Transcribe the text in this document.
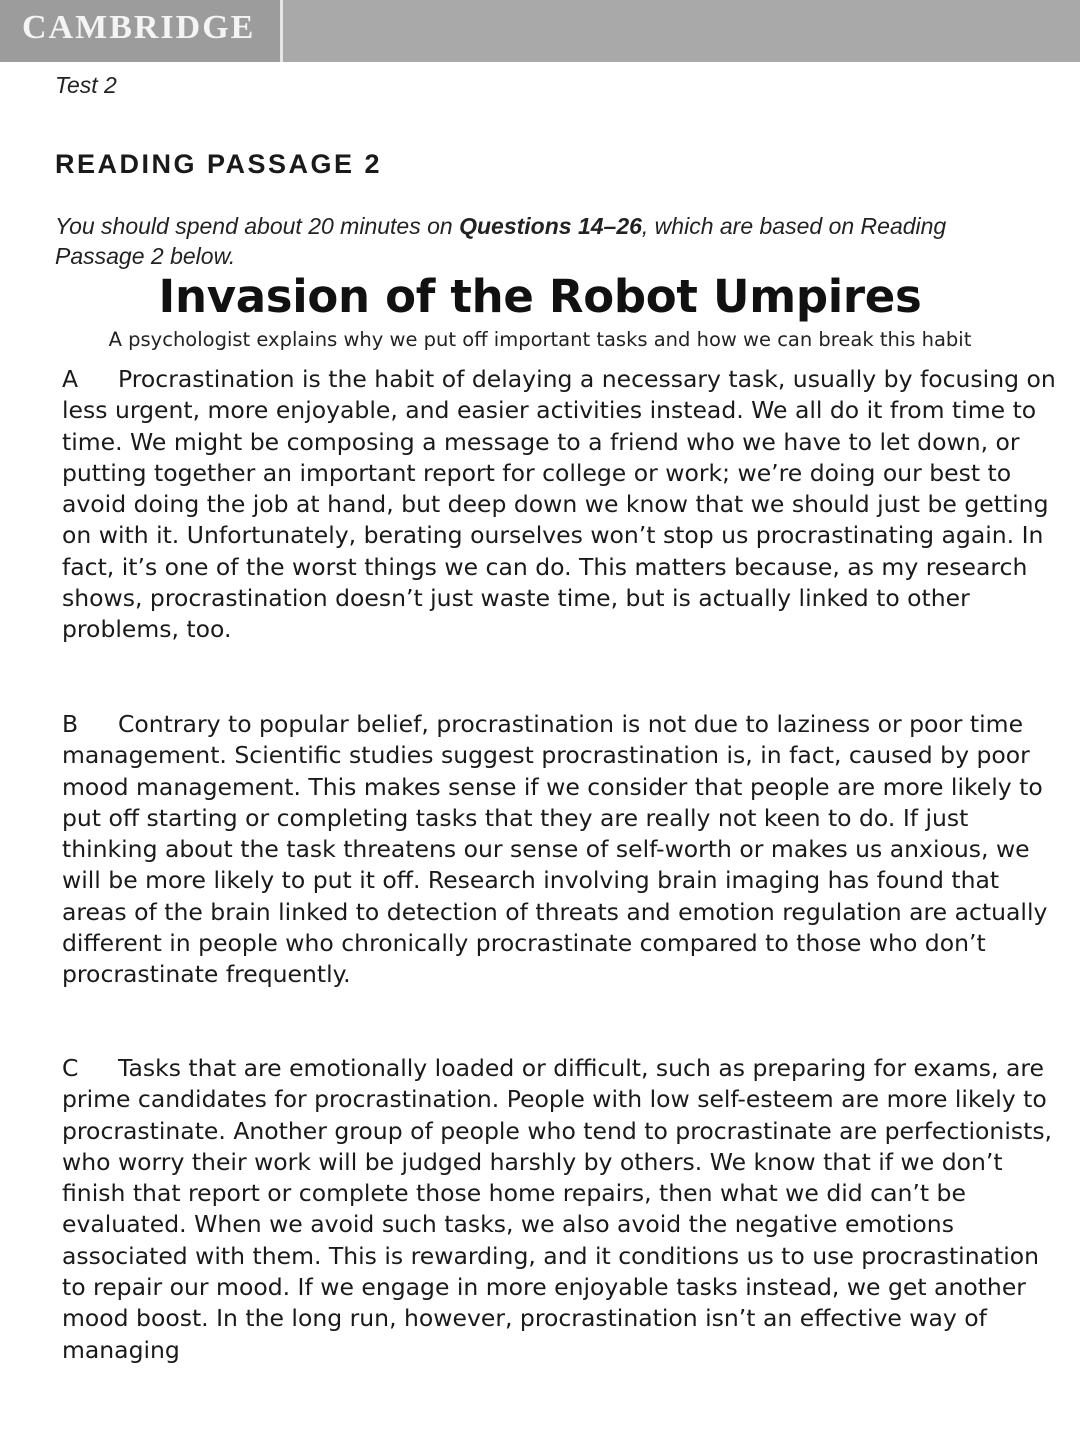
CAMBRIDGE
Test 2
READING PASSAGE 2
You should spend about 20 minutes on Questions 14–26, which are based on Reading Passage 2 below.
Invasion of the Robot Umpires
A psychologist explains why we put off important tasks and how we can break this habit
A Procrastination is the habit of delaying a necessary task, usually by focusing on less urgent, more enjoyable, and easier activities instead. We all do it from time to time. We might be composing a message to a friend who we have to let down, or putting together an important report for college or work; we’re doing our best to avoid doing the job at hand, but deep down we know that we should just be getting on with it. Unfortunately, berating ourselves won’t stop us procrastinating again. In fact, it’s one of the worst things we can do. This matters because, as my research shows, procrastination doesn’t just waste time, but is actually linked to other problems, too.
B Contrary to popular belief, procrastination is not due to laziness or poor time management. Scientific studies suggest procrastination is, in fact, caused by poor mood management. This makes sense if we consider that people are more likely to put off starting or completing tasks that they are really not keen to do. If just thinking about the task threatens our sense of self-worth or makes us anxious, we will be more likely to put it off. Research involving brain imaging has found that areas of the brain linked to detection of threats and emotion regulation are actually different in people who chronically procrastinate compared to those who don’t procrastinate frequently.
C Tasks that are emotionally loaded or difficult, such as preparing for exams, are prime candidates for procrastination. People with low self-esteem are more likely to procrastinate. Another group of people who tend to procrastinate are perfectionists, who worry their work will be judged harshly by others. We know that if we don’t finish that report or complete those home repairs, then what we did can’t be evaluated. When we avoid such tasks, we also avoid the negative emotions associated with them. This is rewarding, and it conditions us to use procrastination to repair our mood. If we engage in more enjoyable tasks instead, we get another mood boost. In the long run, however, procrastination isn’t an effective way of managing
